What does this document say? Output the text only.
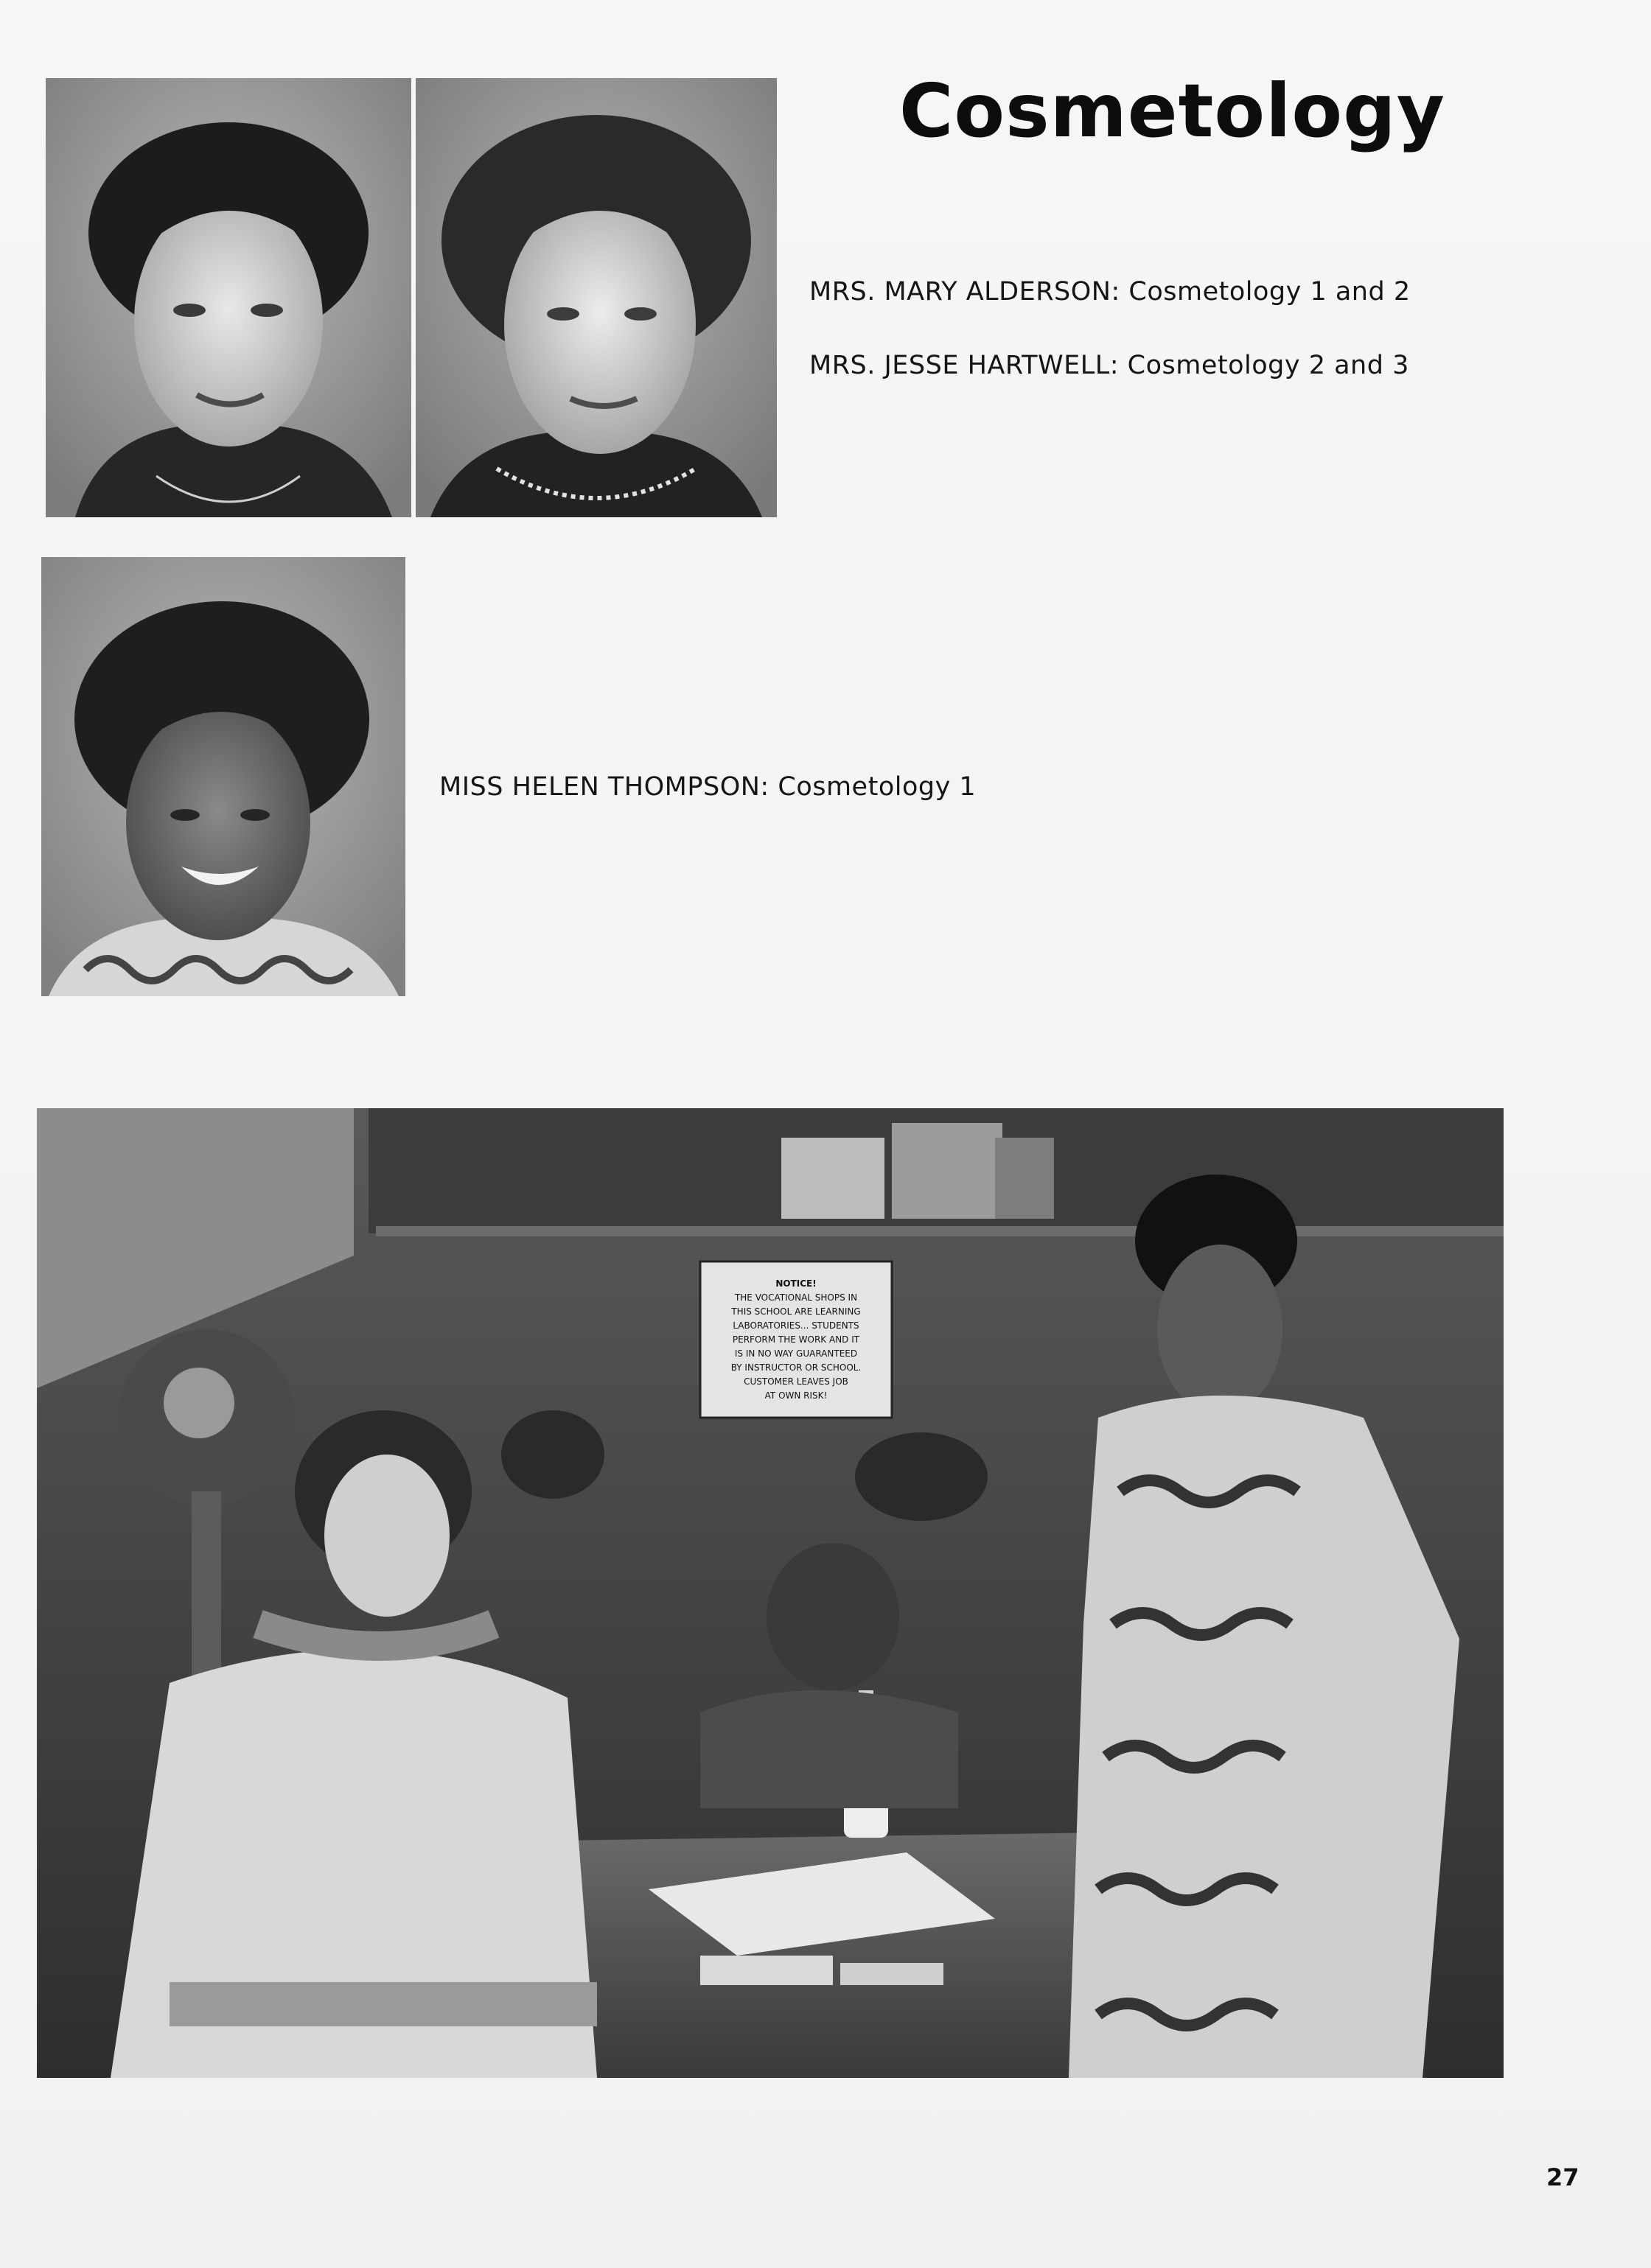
Cosmetology
MRS. MARY ALDERSON: Cosmetology 1 and 2
MRS. JESSE HARTWELL: Cosmetology 2 and 3
MISS HELEN THOMPSON: Cosmetology 1
NOTICE!
THE VOCATIONAL SHOPS IN
THIS SCHOOL ARE LEARNING
LABORATORIES... STUDENTS
PERFORM THE WORK AND IT
IS IN NO WAY GUARANTEED
BY INSTRUCTOR OR SCHOOL.
CUSTOMER LEAVES JOB
AT OWN RISK!
27
